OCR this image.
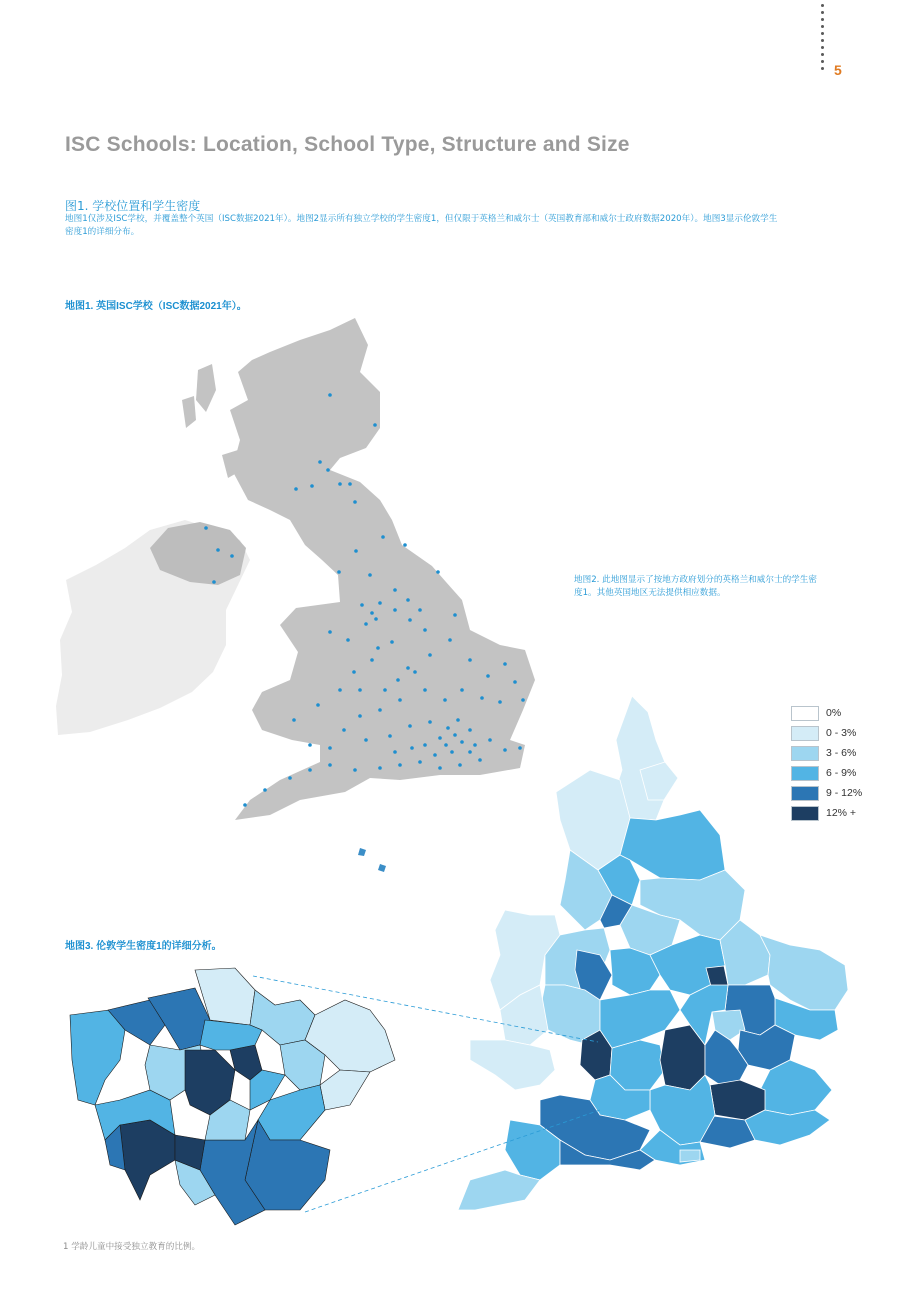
5
ISC Schools: Location, School Type, Structure and Size
图1. 学校位置和学生密度
地图1仅涉及ISC学校，并覆盖整个英国（ISC数据2021年）。地图2显示所有独立学校的学生密度1，但仅限于英格兰和威尔士（英国教育部和威尔士政府数据2020年）。地图3显示伦敦学生密度1的详细分布。
地图1. 英国ISC学校（ISC数据2021年）。
地图2. 此地图显示了按地方政府划分的英格兰和威尔士的学生密度1。其他英国地区无法提供相应数据。
地图3. 伦敦学生密度1的详细分析。
1 学龄儿童中接受独立教育的比例。
0%
0 - 3%
3 - 6%
6 - 9%
9 - 12%
12% +
